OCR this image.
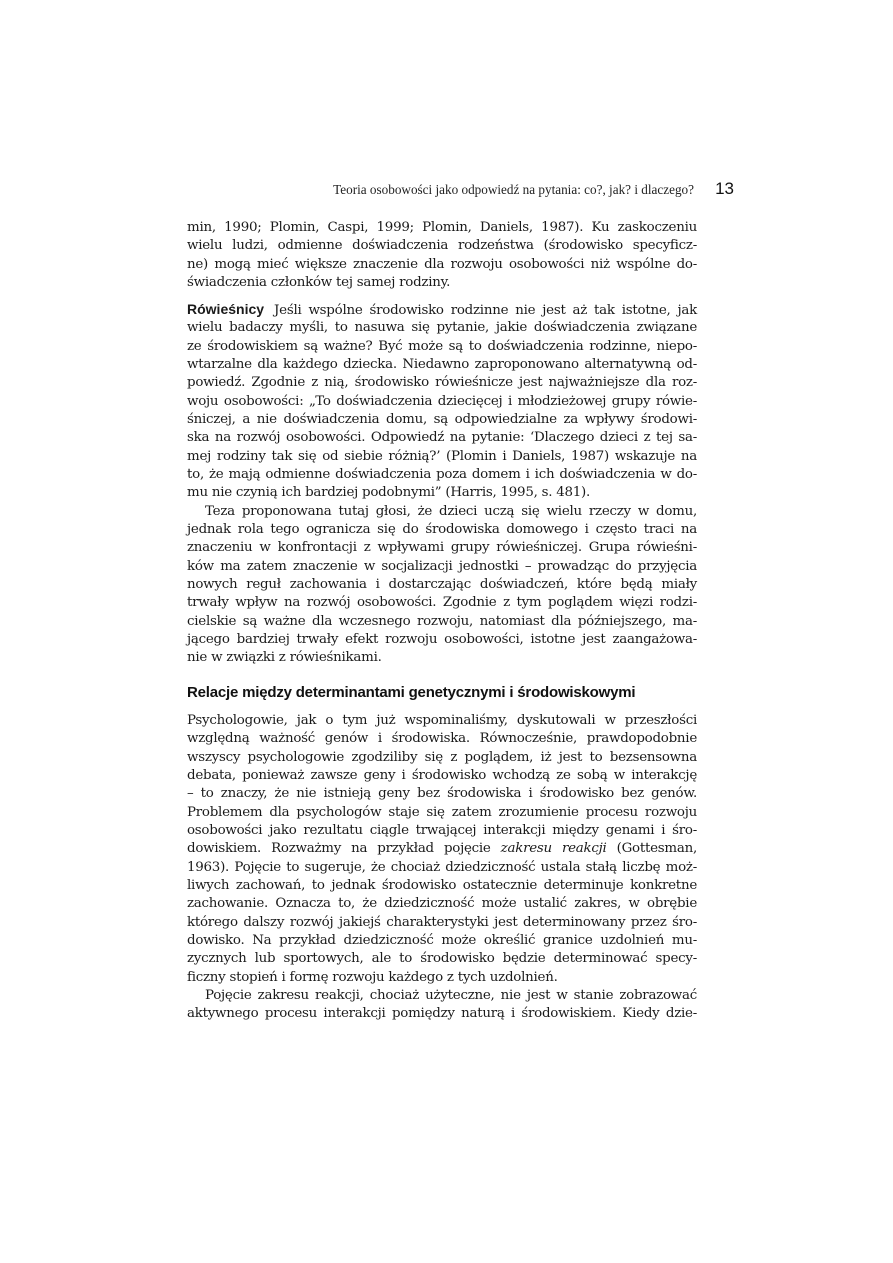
Teoria osobowości jako odpowiedź na pytania: co?, jak? i dlaczego? 13
min, 1990; Plomin, Caspi, 1999; Plomin, Daniels, 1987). Ku zaskoczeniu
wielu ludzi, odmienne doświadczenia rodzeństwa (środowisko specyficz-
ne) mogą mieć większe znaczenie dla rozwoju osobowości niż wspólne do-
świadczenia członków tej samej rodziny.
Rówieśnicy Jeśli wspólne środowisko rodzinne nie jest aż tak istotne, jak
wielu badaczy myśli, to nasuwa się pytanie, jakie doświadczenia związane
ze środowiskiem są ważne? Być może są to doświadczenia rodzinne, niepo-
wtarzalne dla każdego dziecka. Niedawno zaproponowano alternatywną od-
powiedź. Zgodnie z nią, środowisko rówieśnicze jest najważniejsze dla roz-
woju osobowości: „To doświadczenia dziecięcej i młodzieżowej grupy rówie-
śniczej, a nie doświadczenia domu, są odpowiedzialne za wpływy środowi-
ska na rozwój osobowości. Odpowiedź na pytanie: ‘Dlaczego dzieci z tej sa-
mej rodziny tak się od siebie różnią?’ (Plomin i Daniels, 1987) wskazuje na
to, że mają odmienne doświadczenia poza domem i ich doświadczenia w do-
mu nie czynią ich bardziej podobnymi” (Harris, 1995, s. 481).
Teza proponowana tutaj głosi, że dzieci uczą się wielu rzeczy w domu,
jednak rola tego ogranicza się do środowiska domowego i często traci na
znaczeniu w konfrontacji z wpływami grupy rówieśniczej. Grupa rówieśni-
ków ma zatem znaczenie w socjalizacji jednostki – prowadząc do przyjęcia
nowych reguł zachowania i dostarczając doświadczeń, które będą miały
trwały wpływ na rozwój osobowości. Zgodnie z tym poglądem więzi rodzi-
cielskie są ważne dla wczesnego rozwoju, natomiast dla późniejszego, ma-
jącego bardziej trwały efekt rozwoju osobowości, istotne jest zaangażowa-
nie w związki z rówieśnikami.
Relacje między determinantami genetycznymi i środowiskowymi
Psychologowie, jak o tym już wspominaliśmy, dyskutowali w przeszłości
względną ważność genów i środowiska. Równocześnie, prawdopodobnie
wszyscy psychologowie zgodziliby się z poglądem, iż jest to bezsensowna
debata, ponieważ zawsze geny i środowisko wchodzą ze sobą w interakcję
– to znaczy, że nie istnieją geny bez środowiska i środowisko bez genów.
Problemem dla psychologów staje się zatem zrozumienie procesu rozwoju
osobowości jako rezultatu ciągle trwającej interakcji między genami i śro-
dowiskiem. Rozważmy na przykład pojęcie zakresu reakcji (Gottesman,
1963). Pojęcie to sugeruje, że chociaż dziedziczność ustala stałą liczbę moż-
liwych zachowań, to jednak środowisko ostatecznie determinuje konkretne
zachowanie. Oznacza to, że dziedziczność może ustalić zakres, w obrębie
którego dalszy rozwój jakiejś charakterystyki jest determinowany przez śro-
dowisko. Na przykład dziedziczność może określić granice uzdolnień mu-
zycznych lub sportowych, ale to środowisko będzie determinować specy-
ficzny stopień i formę rozwoju każdego z tych uzdolnień.
Pojęcie zakresu reakcji, chociaż użyteczne, nie jest w stanie zobrazować
aktywnego procesu interakcji pomiędzy naturą i środowiskiem. Kiedy dzie-
